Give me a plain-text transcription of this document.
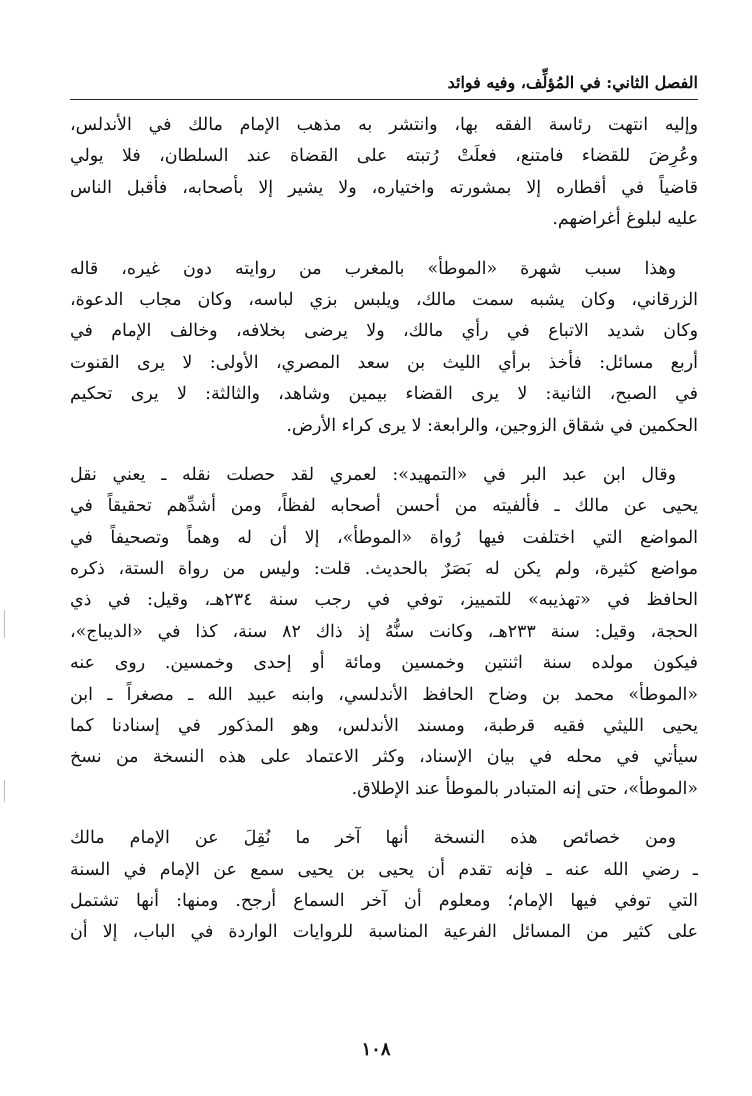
الفصل الثاني: في المُؤلِّف، وفيه فوائد
وإليه انتهت رئاسة الفقه بها، وانتشر به مذهب الإمام مالك في الأندلس،
وعُرِضَ للقضاء فامتنع، فعلَتْ رُتبته على القضاة عند السلطان، فلا يولي
قاضياً في أقطاره إلا بمشورته واختياره، ولا يشير إلا بأصحابه، فأقبل الناس
عليه لبلوغ أغراضهم.
وهذا سبب شهرة «الموطأ» بالمغرب من روايته دون غيره، قاله
الزرقاني، وكان يشبه سمت مالك، ويلبس بزي لباسه، وكان مجاب الدعوة،
وكان شديد الاتباع في رأي مالك، ولا يرضى بخلافه، وخالف الإمام في
أربع مسائل: فأخذ برأي الليث بن سعد المصري، الأولى: لا يرى القنوت
في الصبح، الثانية: لا يرى القضاء بيمين وشاهد، والثالثة: لا يرى تحكيم
الحكمين في شقاق الزوجين، والرابعة: لا يرى كراء الأرض.
وقال ابن عبد البر في «التمهيد»: لعمري لقد حصلت نقله ـ يعني نقل
يحيى عن مالك ـ فألفيته من أحسن أصحابه لفظاً، ومن أشدِّهم تحقيقاً في
المواضع التي اختلفت فيها رُواة «الموطأ»، إلا أن له وهماً وتصحيفاً في
مواضع كثيرة، ولم يكن له بَصَرٌ بالحديث. قلت: وليس من رواة الستة، ذكره
الحافظ في «تهذيبه» للتمييز، توفي في رجب سنة ٢٣٤هـ، وقيل: في ذي
الحجة، وقيل: سنة ٢٣٣هـ، وكانت سنُّهُ إذ ذاك ٨٢ سنة، كذا في «الديباج»،
فيكون مولده سنة اثنتين وخمسين ومائة أو إحدى وخمسين. روى عنه
«الموطأ» محمد بن وضاح الحافظ الأندلسي، وابنه عبيد الله ـ مصغراً ـ ابن
يحيى الليثي فقيه قرطبة، ومسند الأندلس، وهو المذكور في إسنادنا كما
سيأتي في محله في بيان الإسناد، وكثر الاعتماد على هذه النسخة من نسخ
«الموطأ»، حتى إنه المتبادر بالموطأ عند الإطلاق.
ومن خصائص هذه النسخة أنها آخر ما نُقِلَ عن الإمام مالك
ـ رضي الله عنه ـ فإنه تقدم أن يحيى بن يحيى سمع عن الإمام في السنة
التي توفي فيها الإمام؛ ومعلوم أن آخر السماع أرجح. ومنها: أنها تشتمل
على كثير من المسائل الفرعية المناسبة للروايات الواردة في الباب، إلا أن
١٠٨
